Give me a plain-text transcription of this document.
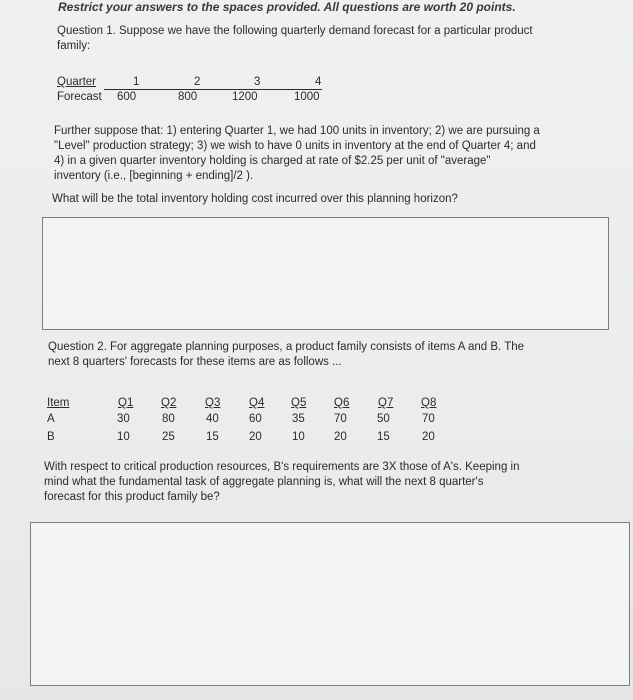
Restrict your answers to the spaces provided. All questions are worth 20 points.
Question 1. Suppose we have the following quarterly demand forecast for a particular product
family:
Quarter	1	2	3	4
Forecast 600	800	1200	1000
Further suppose that: 1) entering Quarter 1, we had 100 units in inventory; 2) we are pursuing a
"Level" production strategy; 3) we wish to have 0 units in inventory at the end of Quarter 4; and
4) in a given quarter inventory holding is charged at rate of $2.25 per unit of "average"
inventory (i.e., [beginning + ending]/2 ).
What will be the total inventory holding cost incurred over this planning horizon?
Question 2. For aggregate planning purposes, a product family consists of items A and B. The
next 8 quarters' forecasts for these items are as follows ...
Item	Q1 Q2 Q3 Q4 Q5 Q6 Q7 Q8
A	30	80	40	60	35	70	50	70
B	10	25	15	20	10	20	15	20
With respect to critical production resources, B's requirements are 3X those of A's. Keeping in
mind what the fundamental task of aggregate planning is, what will the next 8 quarter's
forecast for this product family be?
